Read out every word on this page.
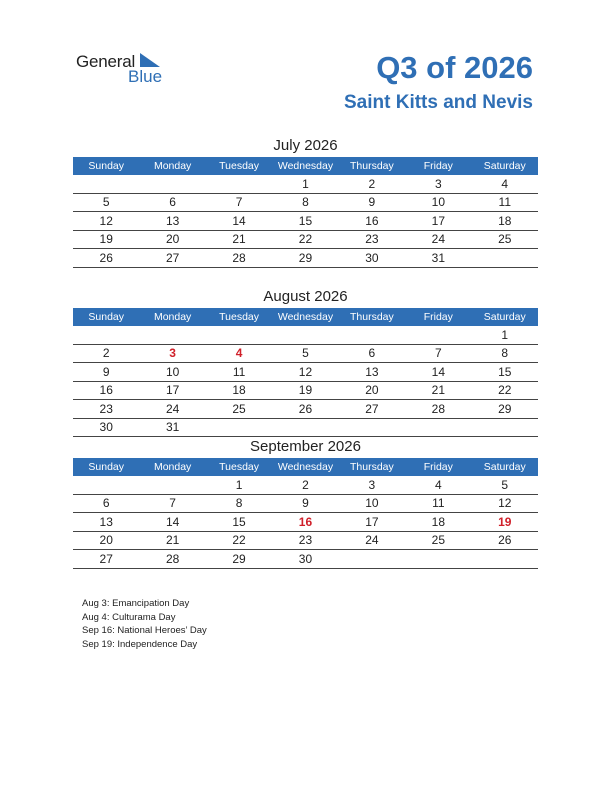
General
Blue	Q3 of 2026
Saint Kitts and Nevis
July 2026
Sunday	Monday	Tuesday	Wednesday	Thursday	Friday	Saturday
			1	2	3	4
5	6	7	8	9	10	11
12	13	14	15	16	17	18
19	20	21	22	23	24	25
26	27	28	29	30	31	
August 2026
Sunday	Monday	Tuesday	Wednesday	Thursday	Friday	Saturday
						1
2	3	4	5	6	7	8
9	10	11	12	13	14	15
16	17	18	19	20	21	22
23	24	25	26	27	28	29
30	31					
September 2026
Sunday	Monday	Tuesday	Wednesday	Thursday	Friday	Saturday
		1	2	3	4	5
6	7	8	9	10	11	12
13	14	15	16	17	18	19
20	21	22	23	24	25	26
27	28	29	30			
Aug 3: Emancipation Day
Aug 4: Culturama Day
Sep 16: National Heroes’ Day
Sep 19: Independence Day
